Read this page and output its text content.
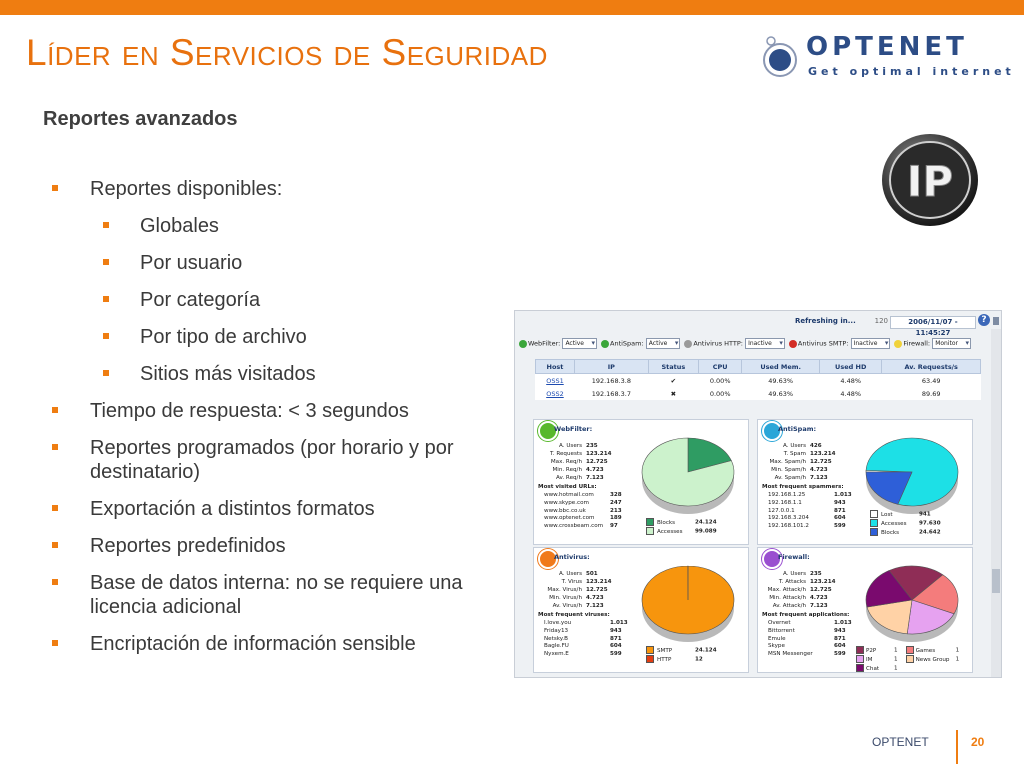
Líder en Servicios de Seguridad	OPTENET
Get optimal internet
Reportes avanzados
IP
Reportes disponibles:
Globales
Por usuario
Por categoría
Por tipo de archivo
Sitios más visitados
Tiempo de respuesta: < 3 segundos
Reportes programados (por horario y por destinatario)
Exportación a distintos formatos
Reportes predefinidos
Base de datos interna: no se requiere una licencia adicional
Encriptación de información sensible
Refreshing in...	120	2006/11/07 - 11:45:27
?
WebFilter: Active ▾	AntiSpam: Active ▾	Antivirus HTTP: Inactive ▾	Antivirus SMTP: Inactive ▾	Firewall: Monitor ▾
Host	IP	Status	CPU	Used Mem.	Used HD	Av. Requests/s
OSS1	192.168.3.8	✔	0.00%	49.63%	4.48%	63.49
OSS2	192.168.3.7	✖	0.00%	49.63%	4.48%	89.69
WebFilter:
A. Users 235
T. Requests 123.214
Max. Req/h 12.725
Min. Req/h 4.723
Av. Req/h 7.123
Most visited URLs:
www.hotmail.com	328
www.skype.com	247
www.bbc.co.uk	213
www.optenet.com	189
www.crossbeam.com 97
Blocks	24.124
Accesses 99.089
AntiSpam:
A. Users 426
T. Spam 123.214
Max. Spam/h 12.725
Min. Spam/h 4.723
Av. Spam/h 7.123
Most frequent spammers:
192.168.1.25	1.013
192.168.1.1	943
127.0.0.1	871
192.168.3.204	604
192.168.101.2	599
Lost	941
Accesses 97.630
Blocks	24.642
Antivirus:
A. Users 501
T. Virus 123.214
Max. Virus/h 12.725
Min. Virus/h 4.723
Av. Virus/h 7.123
Most frequent viruses:
I.love.you	1.013
Friday13	943
Netsky.B	871
Bagle.FU	604
Nyxem.E	599
SMTP	24.124
HTTP	12
Firewall:
A. Users 235
T. Attacks 123.214
Max. Attack/h 12.725
Min. Attack/h 4.723
Av. Attack/h 7.123
Most frequent applications:
Overnet	1.013
Bittorrent	943
Emule	871
Skype	604
MSN Messenger	599
P2P	1
IM	1
Chat	1
Games	1
News Group 1
OPTENET	20
